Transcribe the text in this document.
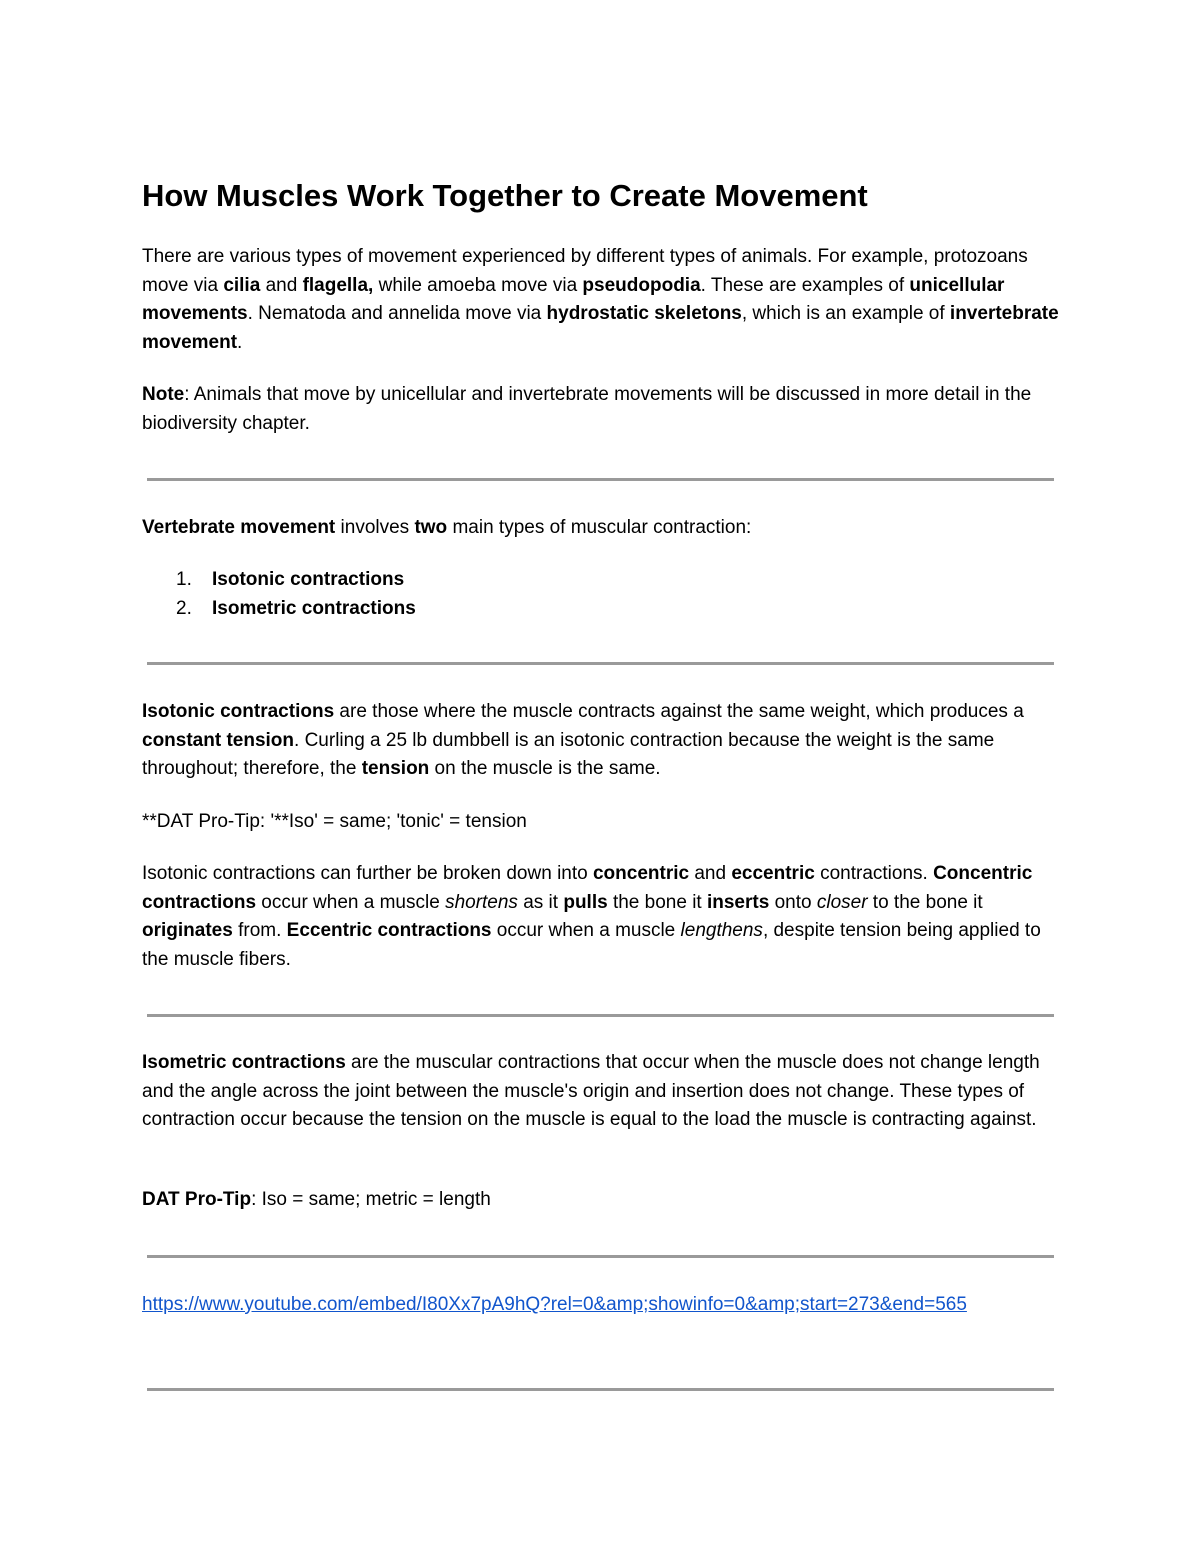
How Muscles Work Together to Create Movement

There are various types of movement experienced by different types of animals. For example, protozoans move via cilia and flagella, while amoeba move via pseudopodia. These are examples of unicellular movements. Nematoda and annelida move via hydrostatic skeletons, which is an example of invertebrate movement.

Note: Animals that move by unicellular and invertebrate movements will be discussed in more detail in the biodiversity chapter.

Vertebrate movement involves two main types of muscular contraction:

1. Isotonic contractions
2. Isometric contractions

Isotonic contractions are those where the muscle contracts against the same weight, which produces a constant tension. Curling a 25 lb dumbbell is an isotonic contraction because the weight is the same throughout; therefore, the tension on the muscle is the same.

**DAT Pro-Tip: '**Iso' = same; 'tonic' = tension

Isotonic contractions can further be broken down into concentric and eccentric contractions. Concentric contractions occur when a muscle shortens as it pulls the bone it inserts onto closer to the bone it originates from. Eccentric contractions occur when a muscle lengthens, despite tension being applied to the muscle fibers.

Isometric contractions are the muscular contractions that occur when the muscle does not change length and the angle across the joint between the muscle's origin and insertion does not change. These types of contraction occur because the tension on the muscle is equal to the load the muscle is contracting against.

DAT Pro-Tip: Iso = same; metric = length

https://www.youtube.com/embed/I80Xx7pA9hQ?rel=0&amp;showinfo=0&amp;start=273&end=565
